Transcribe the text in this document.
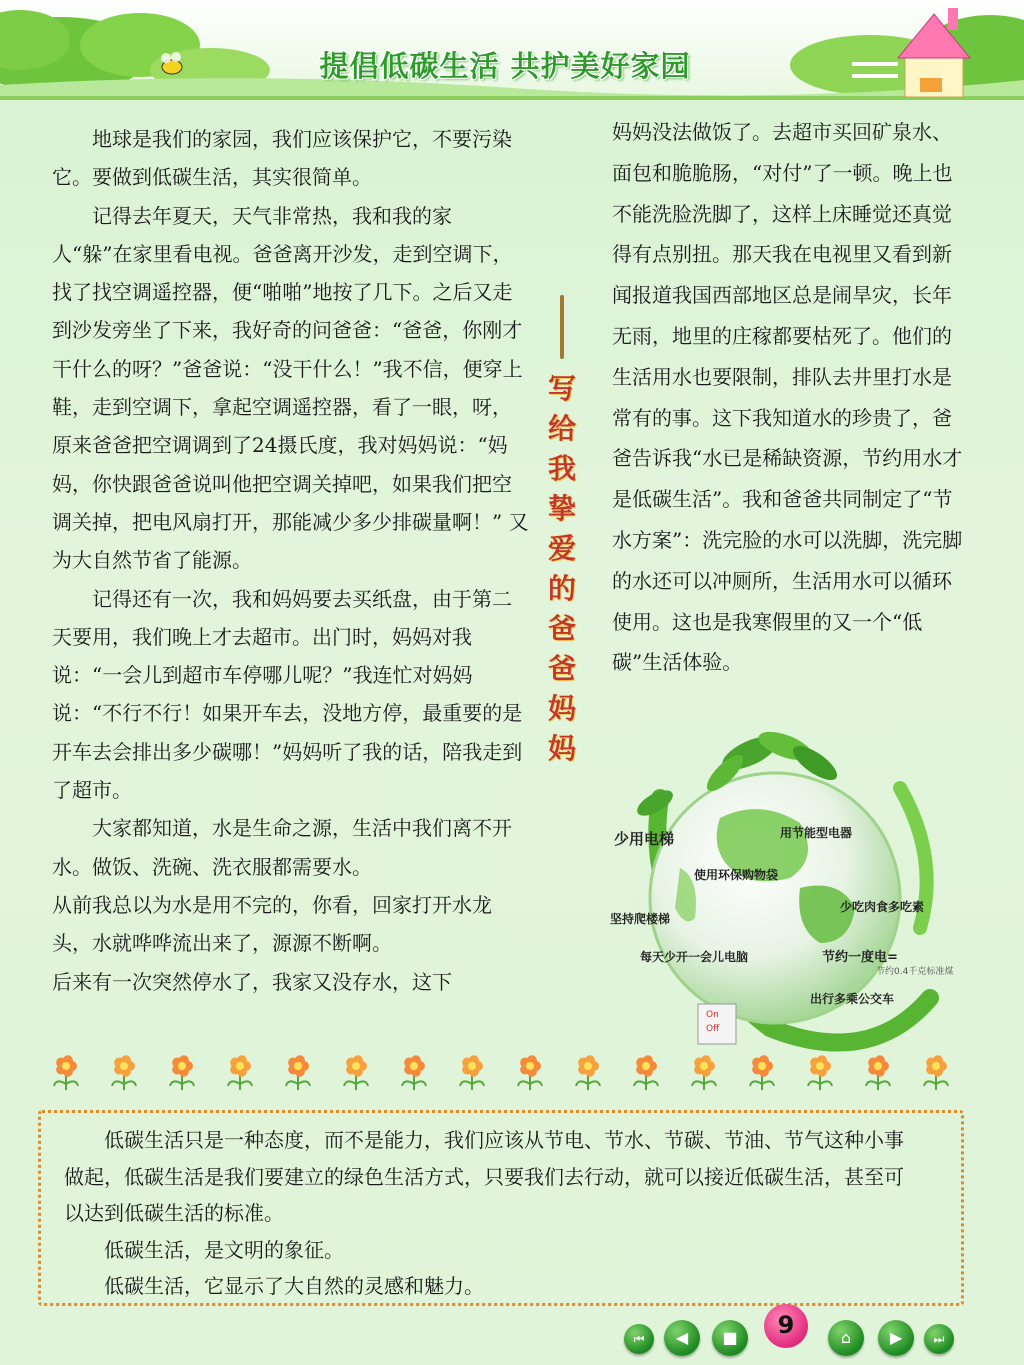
提倡低碳生活 共护美好家园

地球是我们的家园，我们应该保护它，不要污染它。要做到低碳生活，其实很简单。

记得去年夏天，天气非常热，我和我的家人“躲”在家里看电视。爸爸离开沙发，走到空调下，找了找空调遥控器，便“啪啪”地按了几下。之后又走到沙发旁坐了下来，我好奇的问爸爸：“爸爸，你刚才干什么的呀？”爸爸说：“没干什么！”我不信，便穿上鞋，走到空调下，拿起空调遥控器，看了一眼，呀，原来爸爸把空调调到了24摄氏度，我对妈妈说：“妈妈，你快跟爸爸说叫他把空调关掉吧，如果我们把空调关掉，把电风扇打开，那能减少多少排碳量啊！” 又为大自然节省了能源。

记得还有一次，我和妈妈要去买纸盘，由于第二天要用，我们晚上才去超市。出门时，妈妈对我说：“一会儿到超市车停哪儿呢？”我连忙对妈妈说：“不行不行！如果开车去，没地方停，最重要的是开车去会排出多少碳哪！”妈妈听了我的话，陪我走到了超市。

大家都知道，水是生命之源，生活中我们离不开水。做饭、洗碗、洗衣服都需要水。

从前我总以为水是用不完的，你看，回家打开水龙头，水就哗哗流出来了，源源不断啊。

后来有一次突然停水了，我家又没存水，这下

写
给
我
挚
爱
的
爸
爸
妈
妈

妈妈没法做饭了。去超市买回矿泉水、面包和脆脆肠，“对付”了一顿。晚上也不能洗脸洗脚了，这样上床睡觉还真觉得有点别扭。那天我在电视里又看到新闻报道我国西部地区总是闹旱灾，长年无雨，地里的庄稼都要枯死了。他们的生活用水也要限制，排队去井里打水是常有的事。这下我知道水的珍贵了，爸爸告诉我“水已是稀缺资源，节约用水才是低碳生活”。我和爸爸共同制定了“节水方案”：洗完脸的水可以洗脚，洗完脚的水还可以冲厕所，生活用水可以循环使用。这也是我寒假里的又一个“低碳”生活体验。

少用电梯	用节能型电器
使用环保购物袋
坚持爬楼梯
少吃肉食多吃素
每天少开一会儿电脑	节约一度电=
节约0.4千克标准煤
出行多乘公交车
On
Off

低碳生活只是一种态度，而不是能力，我们应该从节电、节水、节碳、节油、节气这种小事做起，低碳生活是我们要建立的绿色生活方式，只要我们去行动，就可以接近低碳生活，甚至可以达到低碳生活的标准。

低碳生活，是文明的象征。

低碳生活，它显示了大自然的灵感和魅力。

⏮	◀	■	9	⌂	▶	⏭
